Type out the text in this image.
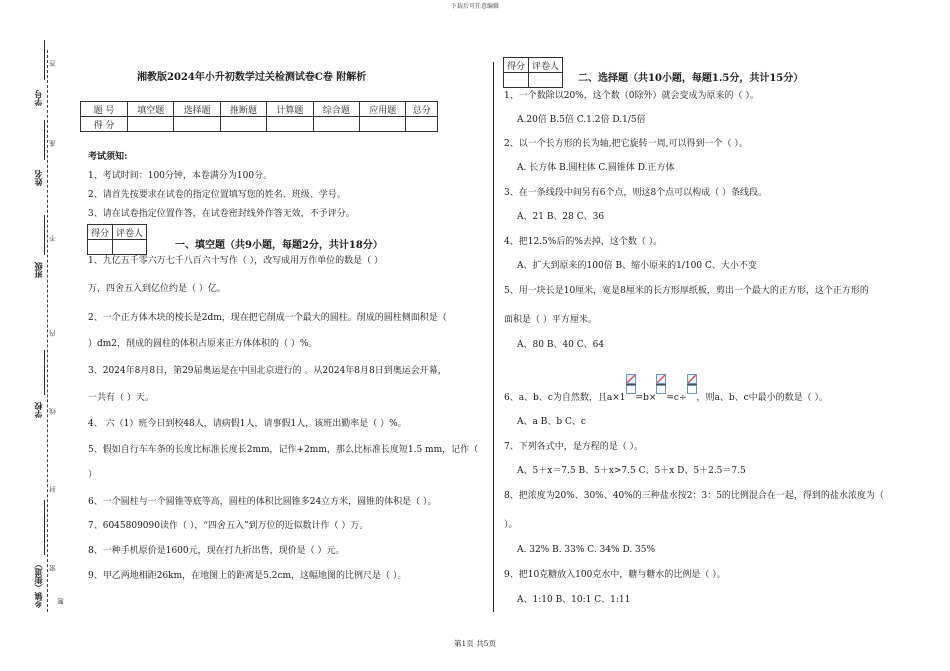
下载后可任意编辑
学号
姓名
班级
学校
乡镇（街道）
答
准
不
内
线
封
密
题
湘教版2024年小升初数学过关检测试卷C卷 附解析
题 号	填空题	选择题	推断题	计算题	综合题	应用题	总分
得 分							
考试须知:
1、考试时间：100分钟，本卷满分为100分。
2、请首先按要求在试卷的指定位置填写您的姓名、班级、学号。
3、请在试卷指定位置作答，在试卷密封线外作答无效，不予评分。
得分	评卷人

一、填空题（共9小题，每题2分，共计18分）
1、九亿五千零六万七千八百六十写作（ ），改写成用万作单位的数是（ ）
万，四舍五入到亿位约是（ ）亿。
2、一个正方体木块的棱长是2dm，现在把它削成一个最大的圆柱。削成的圆柱侧面积是（
）dm2，削成的圆柱的体积占原来正方体体积的（ ）%。
3、2024年8月8日，第29届奥运是在中国北京进行的 。从2024年8月8日到奥运会开幕，
一共有（ ）天。
4、 六（1）班今日到校48人，请病假1人，请事假1人，该班出勤率是（ ）%。
5、假如自行车车条的长度比标准长度长2mm，记作+2mm，那么比标准长度短1.5 mm，记作（
）
6、一个圆柱与一个圆锥等底等高，圆柱的体积比圆锥多24立方米，圆锥的体积是（ ）。
7、6045809090读作（ ），“四舍五入”到万位的近似数计作（ ）万。
8、一种手机原价是1600元，现在打九折出售，现价是（ ）元。
9、甲乙两地相距26km，在地图上的距离是5.2cm，这幅地图的比例尺是（ ）。
得分	评卷人

二、选择题（共10小题，每题1.5分，共计15分）
1、一个数除以20%，这个数（0除外）就会变成为原来的（ ）。
A.20倍 B.5倍 C.1.2倍 D.1/5倍
2、以一个长方形的长为轴,把它旋转一周,可以得到一个（ ）。
A. 长方体 B.圆柱体 C.圆锥体 D.正方体
3、在一条线段中间另有6个点，则这8个点可以构成（ ）条线段。
A、21 B、28 C、36
4、把12.5%后的%去掉，这个数（ ）。
A、扩大到原来的100倍 B、缩小原来的1/100 C、大小不变
5、用一块长是10厘米，宽是8厘米的长方形厚纸板，剪出一个最大的正方形，这个正方形的
面积是（ ）平方厘米。
A、80 B、40 C、64
6、a、b、c为自然数，且a×1 =b× =c÷ ，则a、b、c中最小的数是（ ）。
A、a B、b C、c
7、下列各式中，是方程的是（ ）。
A、5＋x＝7.5 B、5＋x>7.5 C、5＋x D、5＋2.5＝7.5
8、把浓度为20%、30%、40%的三种盐水按2：3：5的比例混合在一起，得到的盐水浓度为（
）。
A. 32% B. 33% C. 34% D. 35%
9、把10克糖放入100克水中，糖与糖水的比例是（ ）。
A、1:10 B、10:1 C、1:11
第1页 共5页
